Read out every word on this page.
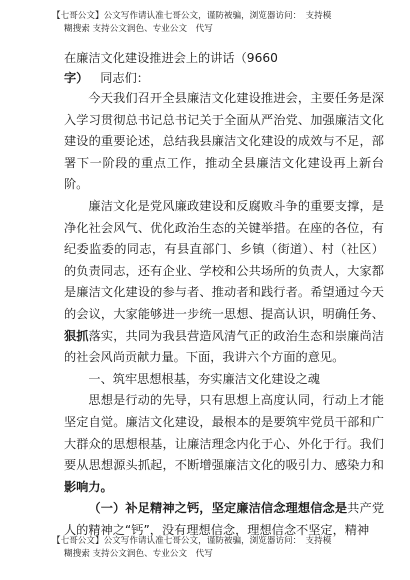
【七哥公文】公文写作请认准七哥公文，谨防被骗，浏览器访问：　支持模
糊搜索 支持公文润色、专业公文　代写
在廉洁文化建设推进会上的讲话（9660
字） 同志们：

今天我们召开全县廉洁文化建设推进会，主要任务是深入学习贯彻总书记总书记关于全面从严治党、加强廉洁文化建设的重要论述，总结我县廉洁文化建设的成效与不足，部署下一阶段的重点工作，推动全县廉洁文化建设再上新台阶。

廉洁文化是党风廉政建设和反腐败斗争的重要支撑，是净化社会风气、优化政治生态的关键举措。在座的各位，有纪委监委的同志，有县直部门、乡镇（街道）、村（社区）的负责同志，还有企业、学校和公共场所的负责人，大家都是廉洁文化建设的参与者、推动者和践行者。希望通过今天的会议，大家能够进一步统一思想、提高认识，明确任务、狠抓落实，共同为我县营造风清气正的政治生态和崇廉尚洁的社会风尚贡献力量。下面，我讲六个方面的意见。

一、筑牢思想根基，夯实廉洁文化建设之魂

思想是行动的先导，只有思想上高度认同，行动上才能坚定自觉。廉洁文化建设，最根本的是要筑牢党员干部和广大群众的思想根基，让廉洁理念内化于心、外化于行。我们要从思想源头抓起，不断增强廉洁文化的吸引力、感染力和影响力。

（一）补足精神之钙，坚定廉洁信念理想信念是共产党人的精神之“钙”，没有理想信念，理想信念不坚定，精神

【七哥公文】公文写作请认准七哥公文，谨防被骗，浏览器访问：　支持模
糊搜索 支持公文润色、专业公文　代写
